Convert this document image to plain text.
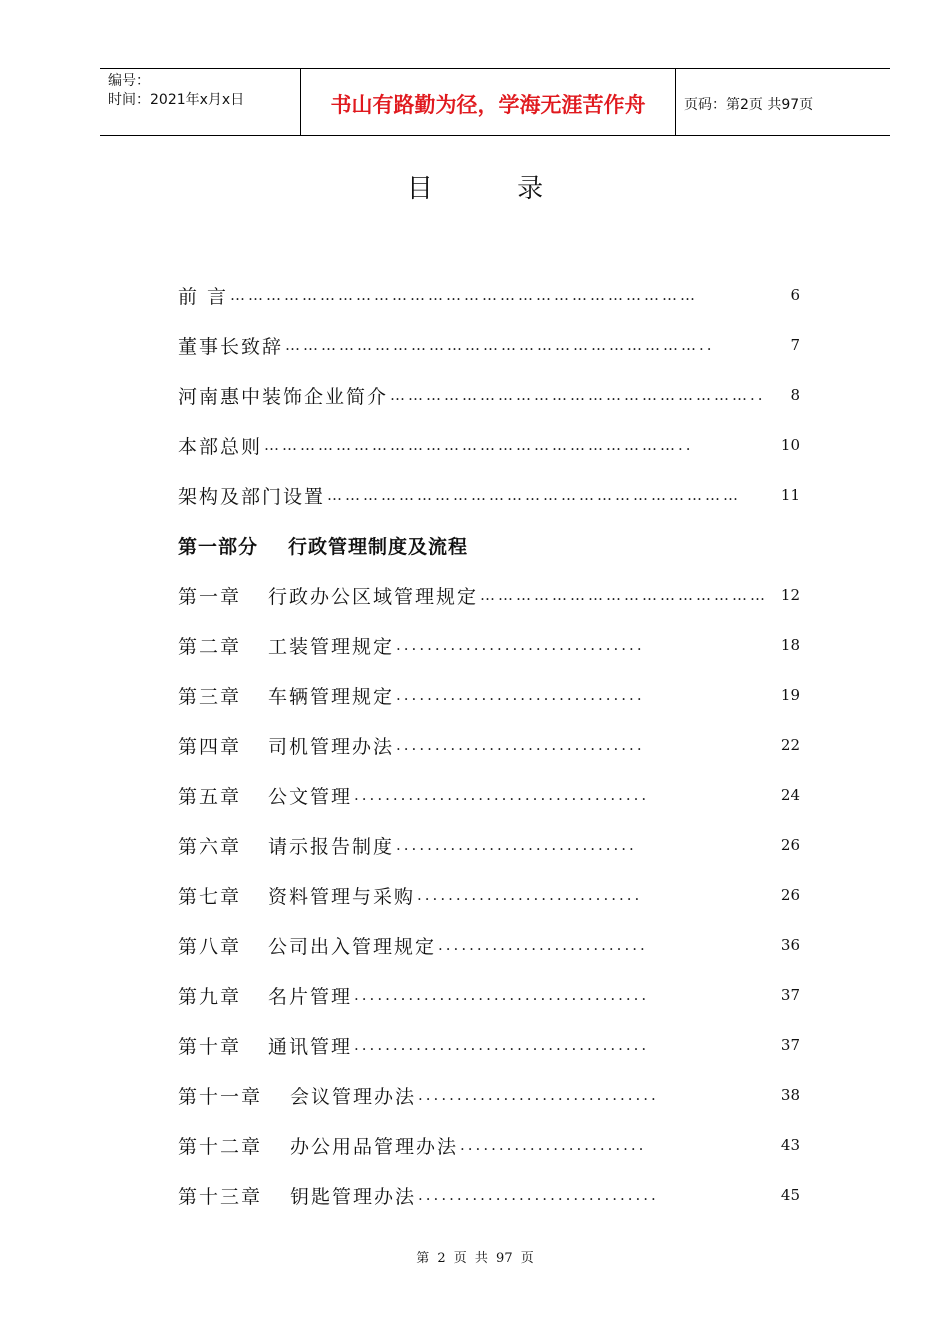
编号：
时间：2021年x月x日	书山有路勤为径，学海无涯苦作舟	页码：第2页 共97页
目 录
前 言 ……………………………………………………………………	6
董事长致辞 ……………………………………………………………..	7
河南惠中装饰企业简介 ……………………………………………………..	8
本部总则 ……………………………………………………………..	10
架构及部门设置 ……………………………………………………………	11
第一部分 行政管理制度及流程
第一章 行政办公区域管理规定 ………………………………………… 12
第二章 工装管理规定 ................................	18
第三章 车辆管理规定 ................................	19
第四章 司机管理办法 ................................	22
第五章 公文管理 ......................................	24
第六章 请示报告制度 ...............................	26
第七章 资料管理与采购 .............................	26
第八章 公司出入管理规定 ...........................	36
第九章 名片管理 ......................................	37
第十章 通讯管理 ......................................	37
第十一章 会议管理办法 ...............................	38
第十二章 办公用品管理办法 ........................	43
第十三章 钥匙管理办法 ...............................	45
第 2 页 共 97 页
